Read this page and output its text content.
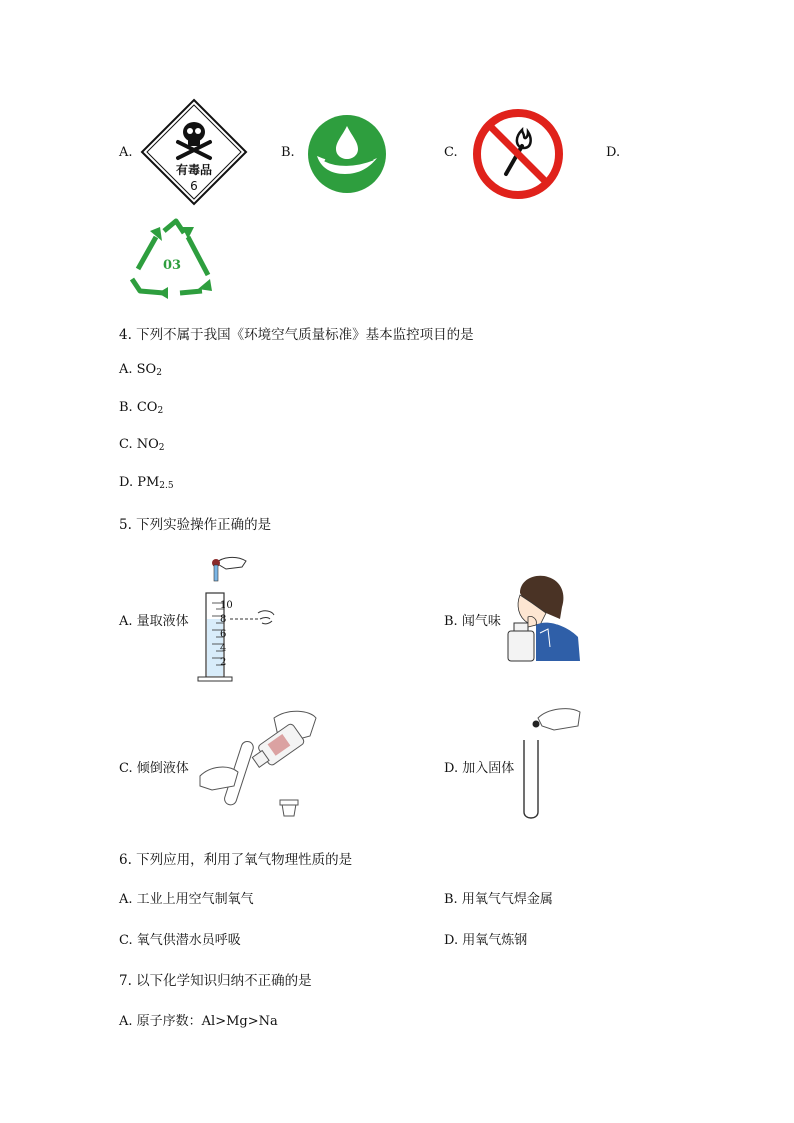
A.
有毒品
6
B.	C.	D.
03
4. 下列不属于我国《环境空气质量标准》基本监控项目的是
A. $SO_2$
B. $CO_2$
C. $NO_2$
D. $PM_{2.5}$
5. 下列实验操作正确的是
A. 量取液体
10
8
6
4
2
B. 闻气味
C. 倾倒液体	D. 加入固体
6. 下列应用，利用了氧气物理性质的是
A. 工业上用空气制氧气	B. 用氧气气焊金属
C. 氧气供潜水员呼吸	D. 用氧气炼钢
7. 以下化学知识归纳不正确的是
A. 原子序数：Al>Mg>Na
